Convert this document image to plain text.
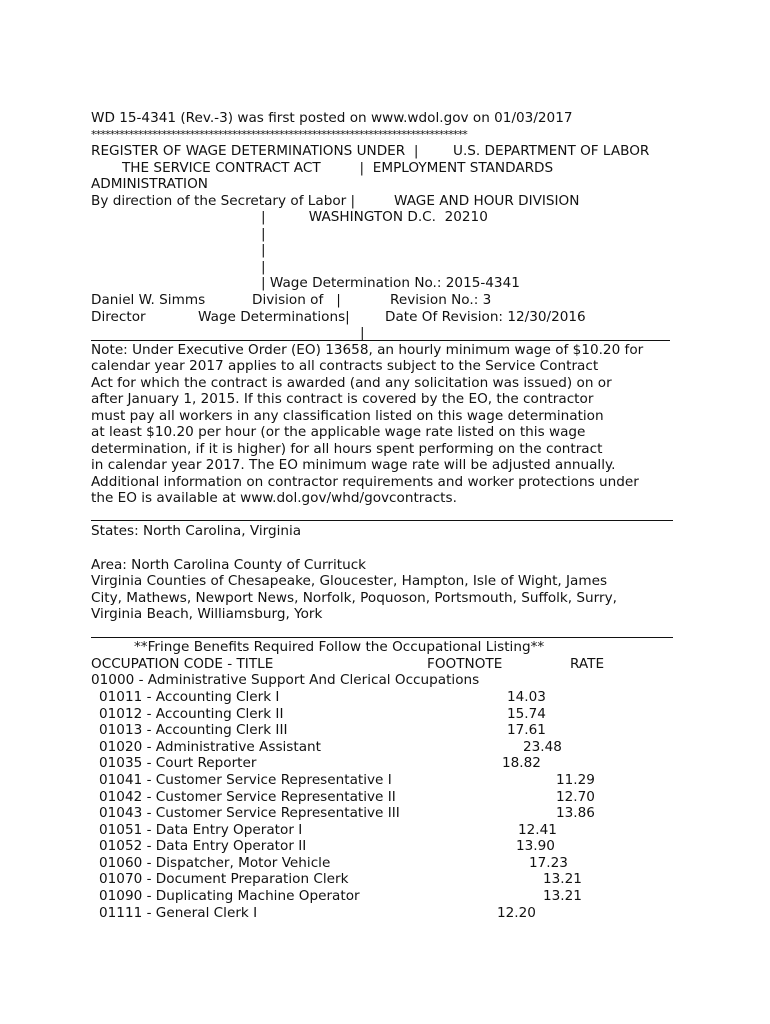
WD 15-4341 (Rev.-3) was first posted on www.wdol.gov on 01/03/2017
********************************************************************************
REGISTER OF WAGE DETERMINATIONS UNDER  |        U.S. DEPARTMENT OF LABOR
THE SERVICE CONTRACT ACT         |  EMPLOYMENT STANDARDS
ADMINISTRATION
By direction of the Secretary of Labor |         WAGE AND HOUR DIVISION
|          WASHINGTON D.C.  20210
|
|
|
| Wage Determination No.: 2015-4341
Daniel W. Simms	Division of   |	Revision No.: 3
Director	Wage Determinations|	Date Of Revision: 12/30/2016
|
Note: Under Executive Order (EO) 13658, an hourly minimum wage of $10.20 for
calendar year 2017 applies to all contracts subject to the Service Contract
Act for which the contract is awarded (and any solicitation was issued) on or
after January 1, 2015. If this contract is covered by the EO, the contractor
must pay all workers in any classification listed on this wage determination
at least $10.20 per hour (or the applicable wage rate listed on this wage
determination, if it is higher) for all hours spent performing on the contract
in calendar year 2017. The EO minimum wage rate will be adjusted annually.
Additional information on contractor requirements and worker protections under
the EO is available at www.dol.gov/whd/govcontracts.
States: North Carolina, Virginia
Area: North Carolina County of Currituck
Virginia Counties of Chesapeake, Gloucester, Hampton, Isle of Wight, James
City, Mathews, Newport News, Norfolk, Poquoson, Portsmouth, Suffolk, Surry,
Virginia Beach, Williamsburg, York
**Fringe Benefits Required Follow the Occupational Listing**
OCCUPATION CODE - TITLE	FOOTNOTE	RATE
01000 - Administrative Support And Clerical Occupations
01011 - Accounting Clerk I	14.03
01012 - Accounting Clerk II	15.74
01013 - Accounting Clerk III	17.61
01020 - Administrative Assistant	23.48
01035 - Court Reporter	18.82
01041 - Customer Service Representative I	11.29
01042 - Customer Service Representative II	12.70
01043 - Customer Service Representative III	13.86
01051 - Data Entry Operator I	12.41
01052 - Data Entry Operator II	13.90
01060 - Dispatcher, Motor Vehicle	17.23
01070 - Document Preparation Clerk	13.21
01090 - Duplicating Machine Operator	13.21
01111 - General Clerk I	12.20
